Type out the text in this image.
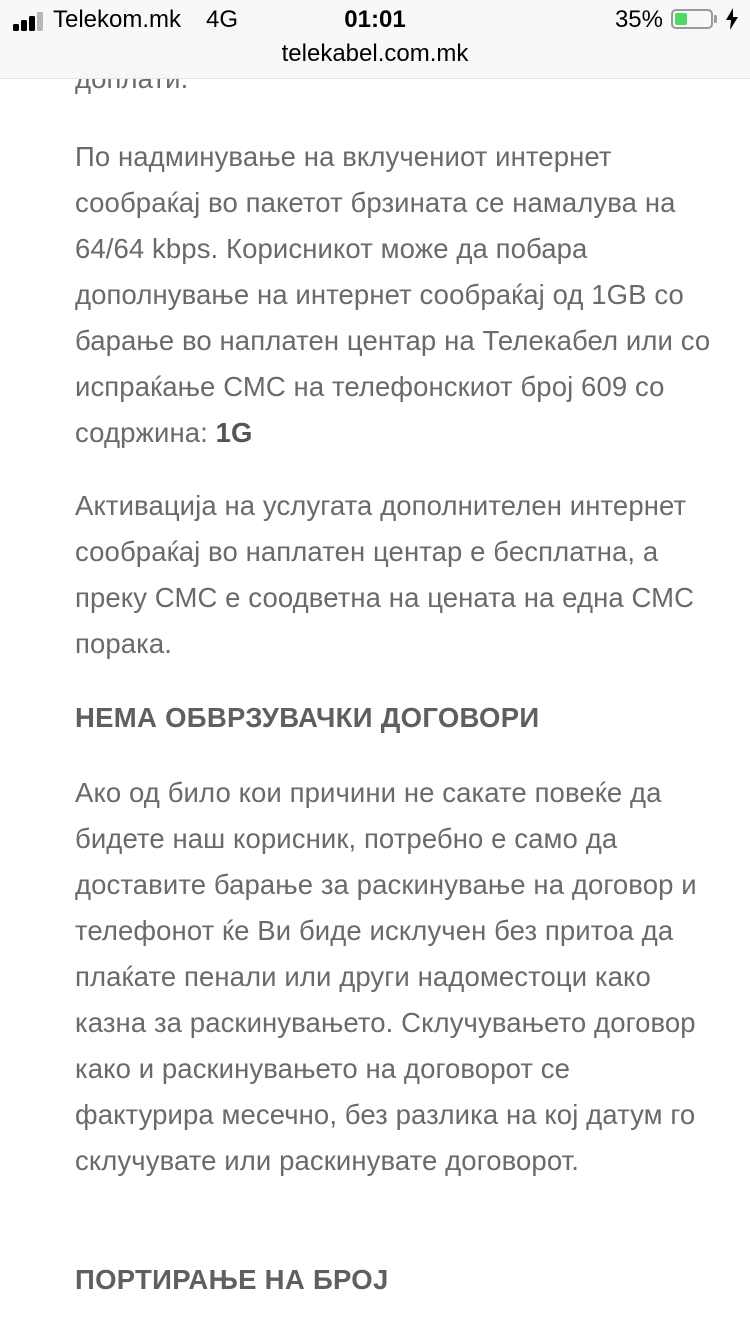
По надминување на вклучениот интернет сообраќај во пакетот брзината се намалува на 64/64 kbps. Корисникот може да побара дополнување на интернет сообраќај од 1GB со барање во наплатен центар на Телекабел или со испраќање СМС на телефонскиот број 609 со содржина: 1G

Активација на услугата дополнителен интернет сообраќај во наплатен центар е бесплатна, а преку СМС е соодветна на цената на една СМС порака.

НЕМА ОБВРЗУВАЧКИ ДОГОВОРИ

Ако од било кои причини не сакате повеќе да бидете наш корисник, потребно е само да доставите барање за раскинување на договор и телефонот ќе Ви биде исклучен без притоа да плаќате пенали или други надоместоци како казна за раскинувањето. Склучувањето договор како и раскинувањето на договорот се фактурира месечно, без разлика на кој датум го склучувате или раскинувате договорот.

ПОРТИРАЊЕ НА БРОЈ
Telekom.mk 4G	01:01	35%
telekabel.com.mk
